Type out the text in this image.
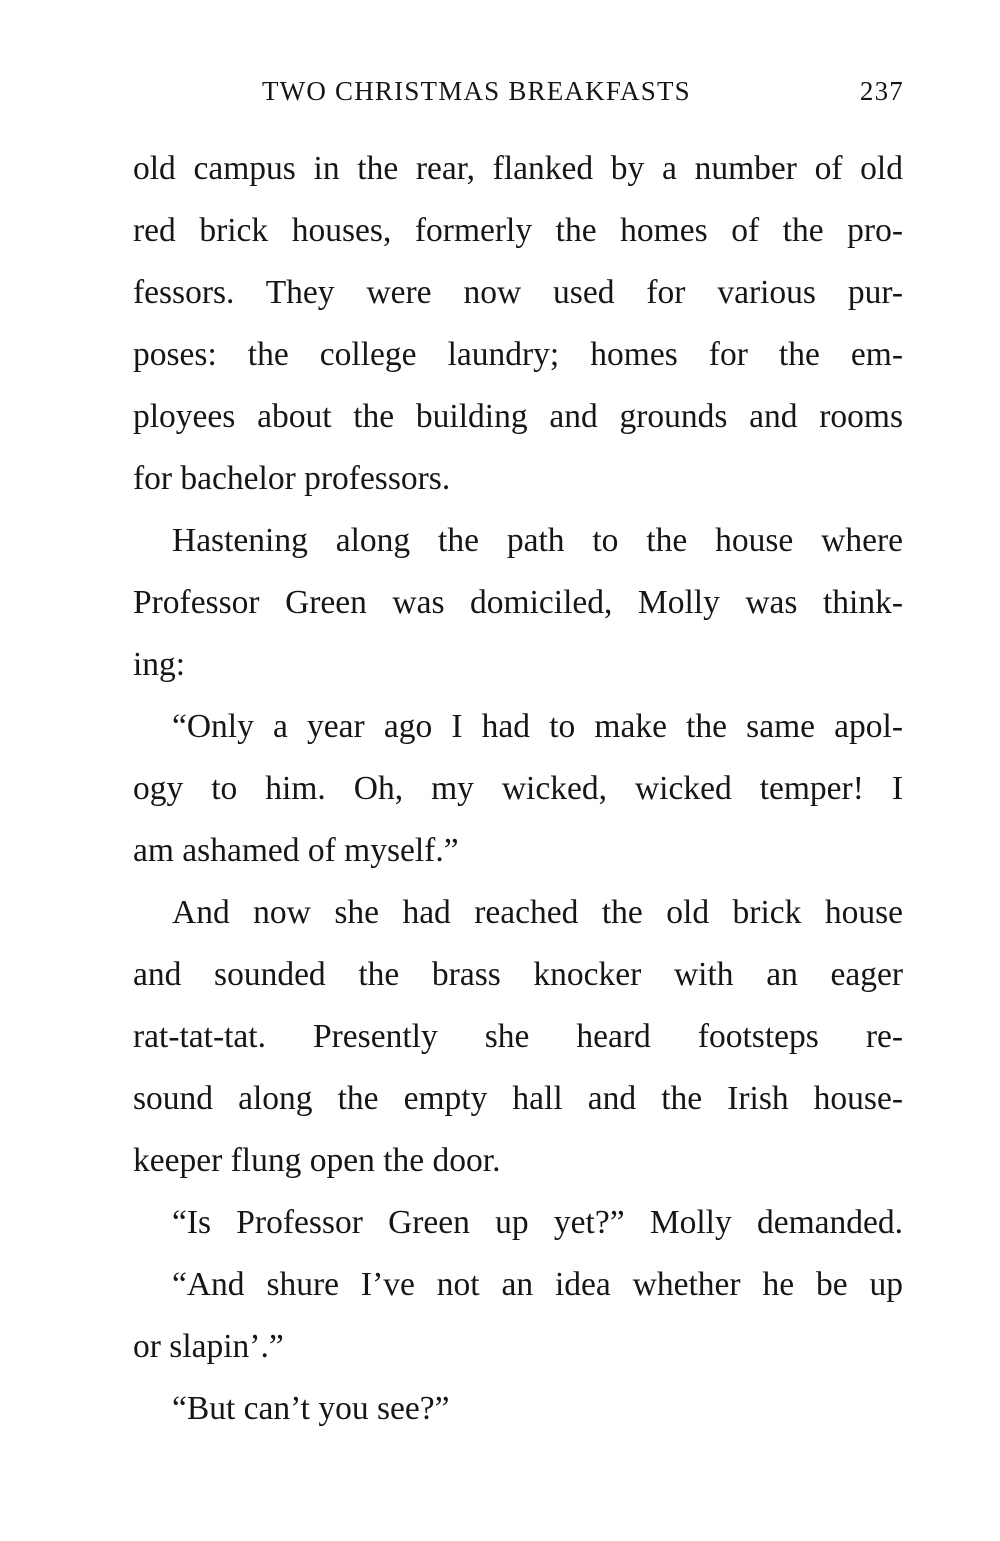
TWO CHRISTMAS BREAKFASTS	237
old campus in the rear, flanked by a number of old
red brick houses, formerly the homes of the pro-
fessors. They were now used for various pur-
poses: the college laundry; homes for the em-
ployees about the building and grounds and rooms
for bachelor professors.
Hastening along the path to the house where
Professor Green was domiciled, Molly was think-
ing:
“Only a year ago I had to make the same apol-
ogy to him. Oh, my wicked, wicked temper! I
am ashamed of myself.”
And now she had reached the old brick house
and sounded the brass knocker with an eager
rat-tat-tat. Presently she heard footsteps re-
sound along the empty hall and the Irish house-
keeper flung open the door.
“Is Professor Green up yet?” Molly demanded.
“And shure I’ve not an idea whether he be up
or slapin’.”
“But can’t you see?”
